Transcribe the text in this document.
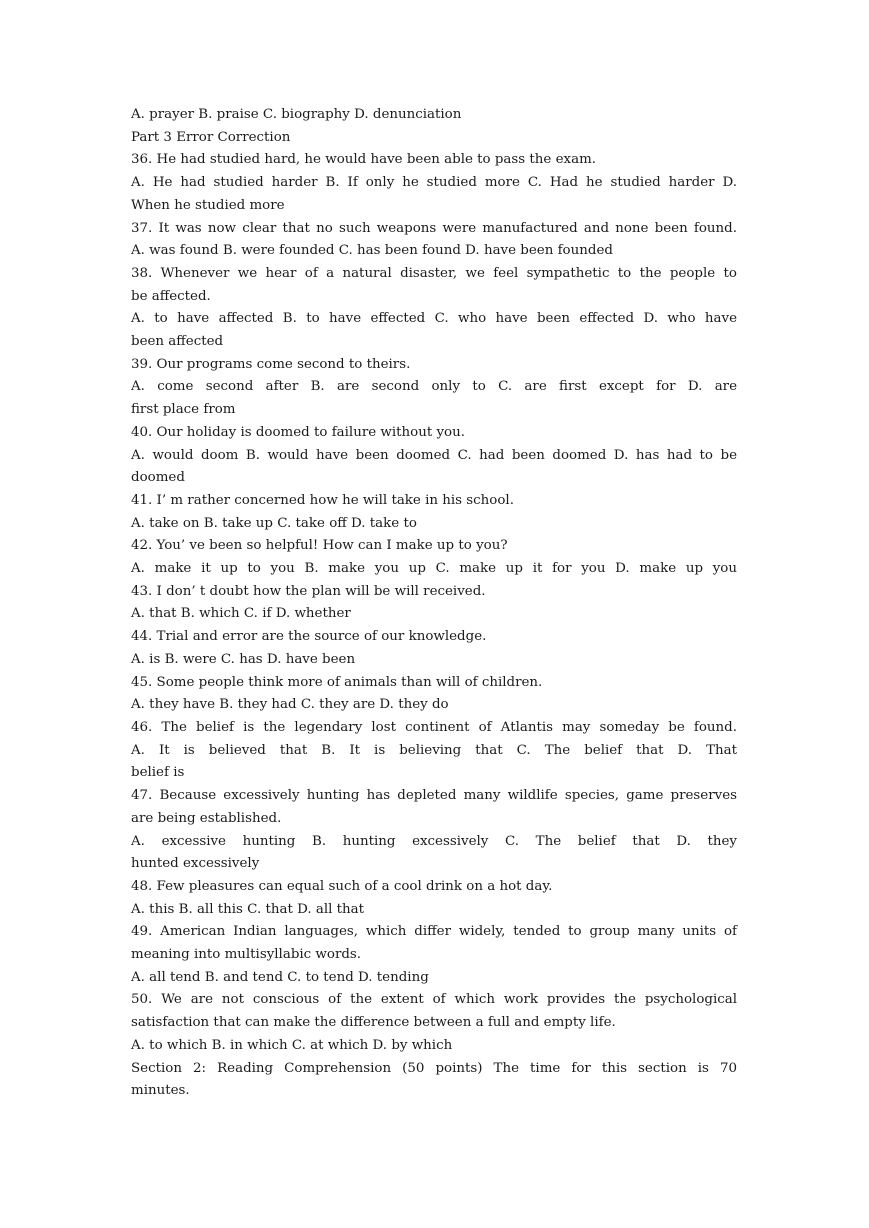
A. prayer B. praise C. biography D. denunciation
Part 3 Error Correction
36. He had studied hard, he would have been able to pass the exam.
A. He had studied harder B. If only he studied more C. Had he studied harder D.
When he studied more
37. It was now clear that no such weapons were manufactured and none been found.
A. was found B. were founded C. has been found D. have been founded
38. Whenever we hear of a natural disaster, we feel sympathetic to the people to
be affected.
A. to have affected B. to have effected C. who have been effected D. who have
been affected
39. Our programs come second to theirs.
A. come second after B. are second only to C. are first except for D. are
first place from
40. Our holiday is doomed to failure without you.
A. would doom B. would have been doomed C. had been doomed D. has had to be
doomed
41. I’ m rather concerned how he will take in his school.
A. take on B. take up C. take off D. take to
42. You’ ve been so helpful! How can I make up to you?
A. make it up to you B. make you up C. make up it for you D. make up you
43. I don’ t doubt how the plan will be will received.
A. that B. which C. if D. whether
44. Trial and error are the source of our knowledge.
A. is B. were C. has D. have been
45. Some people think more of animals than will of children.
A. they have B. they had C. they are D. they do
46. The belief is the legendary lost continent of Atlantis may someday be found.
A. It is believed that B. It is believing that C. The belief that D. That
belief is
47. Because excessively hunting has depleted many wildlife species, game preserves
are being established.
A. excessive hunting B. hunting excessively C. The belief that D. they
hunted excessively
48. Few pleasures can equal such of a cool drink on a hot day.
A. this B. all this C. that D. all that
49. American Indian languages, which differ widely, tended to group many units of
meaning into multisyllabic words.
A. all tend B. and tend C. to tend D. tending
50. We are not conscious of the extent of which work provides the psychological
satisfaction that can make the difference between a full and empty life.
A. to which B. in which C. at which D. by which
Section 2: Reading Comprehension (50 points) The time for this section is 70
minutes.
